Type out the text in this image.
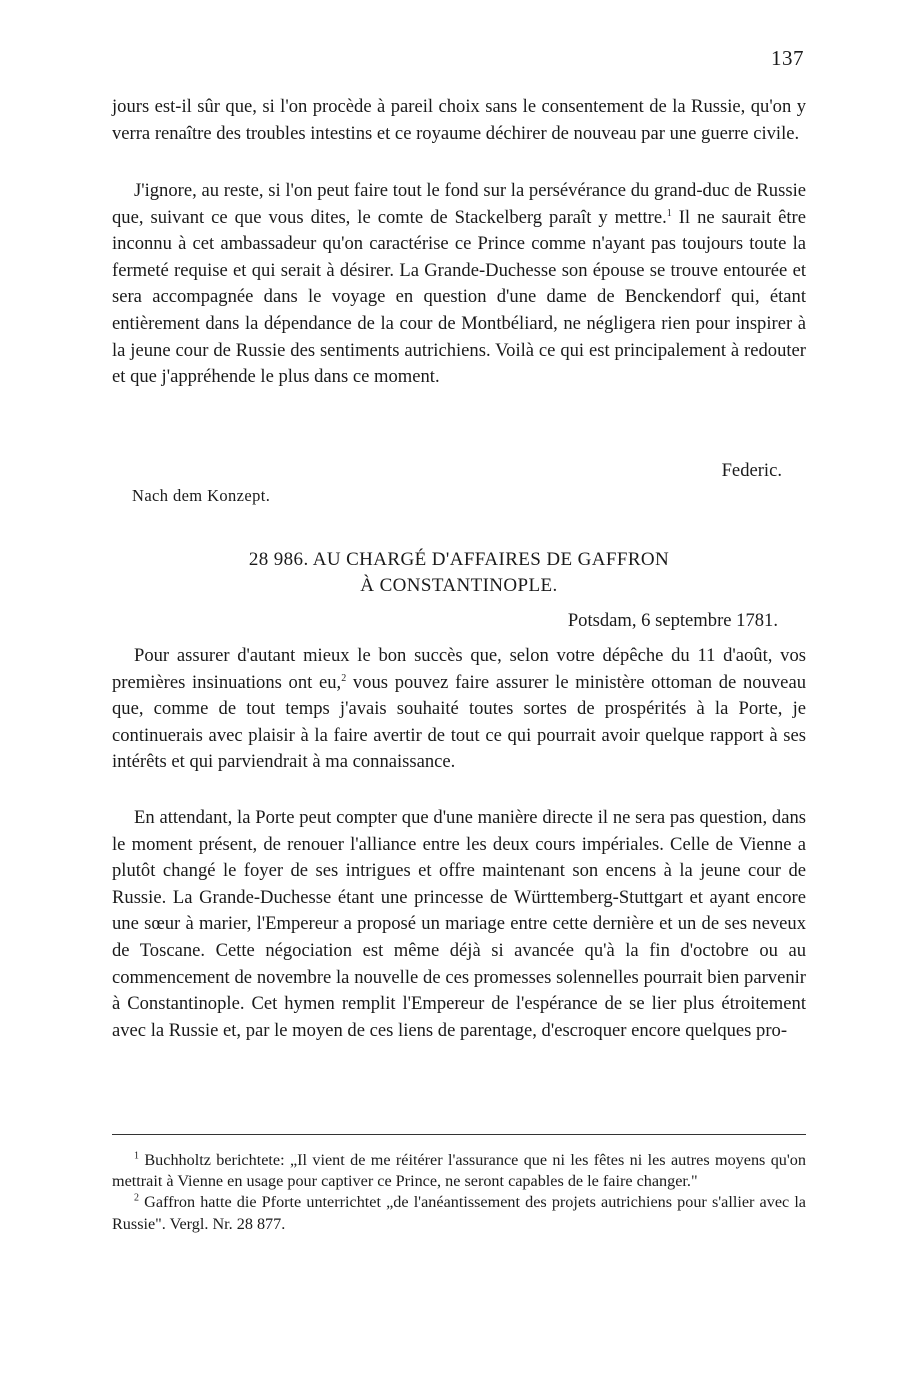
137

jours est-il sûr que, si l'on procède à pareil choix sans le consentement de la Russie, qu'on y verra renaître des troubles intestins et ce royaume déchirer de nouveau par une guerre civile.

J'ignore, au reste, si l'on peut faire tout le fond sur la persévérance du grand-duc de Russie que, suivant ce que vous dites, le comte de Stackelberg paraît y mettre.$^1$ Il ne saurait être inconnu à cet ambassadeur qu'on caractérise ce Prince comme n'ayant pas toujours toute la fermeté requise et qui serait à désirer. La Grande-Duchesse son épouse se trouve entourée et sera accompagnée dans le voyage en question d'une dame de Benckendorf qui, étant entièrement dans la dépendance de la cour de Montbéliard, ne négligera rien pour inspirer à la jeune cour de Russie des sentiments autrichiens. Voilà ce qui est principalement à redouter et que j'appréhende le plus dans ce moment.

Federic.
Nach dem Konzept.
28 986. AU CHARGÉ D'AFFAIRES DE GAFFRON
À CONSTANTINOPLE.
Potsdam, 6 septembre 1781.

Pour assurer d'autant mieux le bon succès que, selon votre dépêche du 11 d'août, vos premières insinuations ont eu,$^2$ vous pouvez faire assurer le ministère ottoman de nouveau que, comme de tout temps j'avais souhaité toutes sortes de prospérités à la Porte, je continuerais avec plaisir à la faire avertir de tout ce qui pourrait avoir quelque rapport à ses intérêts et qui parviendrait à ma connaissance.

En attendant, la Porte peut compter que d'une manière directe il ne sera pas question, dans le moment présent, de renouer l'alliance entre les deux cours impériales. Celle de Vienne a plutôt changé le foyer de ses intrigues et offre maintenant son encens à la jeune cour de Russie. La Grande-Duchesse étant une princesse de Württemberg-Stuttgart et ayant encore une sœur à marier, l'Empereur a proposé un mariage entre cette dernière et un de ses neveux de Toscane. Cette négociation est même déjà si avancée qu'à la fin d'octobre ou au commencement de novembre la nouvelle de ces promesses solennelles pourrait bien parvenir à Constantinople. Cet hymen remplit l'Empereur de l'espérance de se lier plus étroitement avec la Russie et, par le moyen de ces liens de parentage, d'escroquer encore quelques pro-

$^1$ Buchholtz berichtete: „Il vient de me réitérer l'assurance que ni les fêtes ni les autres moyens qu'on mettrait à Vienne en usage pour captiver ce Prince, ne seront capables de le faire changer."

$^2$ Gaffron hatte die Pforte unterrichtet „de l'anéantissement des projets autrichiens pour s'allier avec la Russie". Vergl. Nr. 28 877.
